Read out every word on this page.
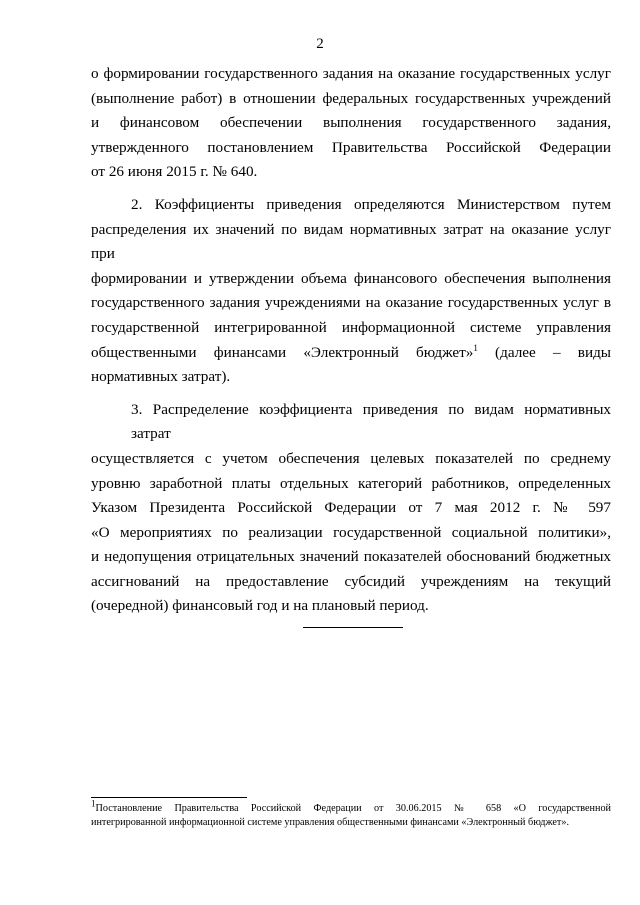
2

о формировании государственного задания на оказание государственных услуг
(выполнение работ) в отношении федеральных государственных учреждений
и финансовом обеспечении выполнения государственного задания,
утвержденного постановлением Правительства Российской Федерации
от 26 июня 2015 г. № 640.

2. Коэффициенты приведения определяются Министерством путем
распределения их значений по видам нормативных затрат на оказание услуг при
формировании и утверждении объема финансового обеспечения выполнения
государственного задания учреждениями на оказание государственных услуг в
государственной интегрированной информационной системе управления
общественными финансами «Электронный бюджет»$^1$ (далее – виды
нормативных затрат).

3. Распределение коэффициента приведения по видам нормативных затрат
осуществляется с учетом обеспечения целевых показателей по среднему
уровню заработной платы отдельных категорий работников, определенных
Указом Президента Российской Федерации от 7 мая 2012 г. № 597
«О мероприятиях по реализации государственной социальной политики»,
и недопущения отрицательных значений показателей обоснований бюджетных
ассигнований на предоставление субсидий учреждениям на текущий
(очередной) финансовый год и на плановый период.

$^1$Постановление Правительства Российской Федерации от 30.06.2015 № 658 «О государственной
интегрированной информационной системе управления общественными финансами «Электронный бюджет».
